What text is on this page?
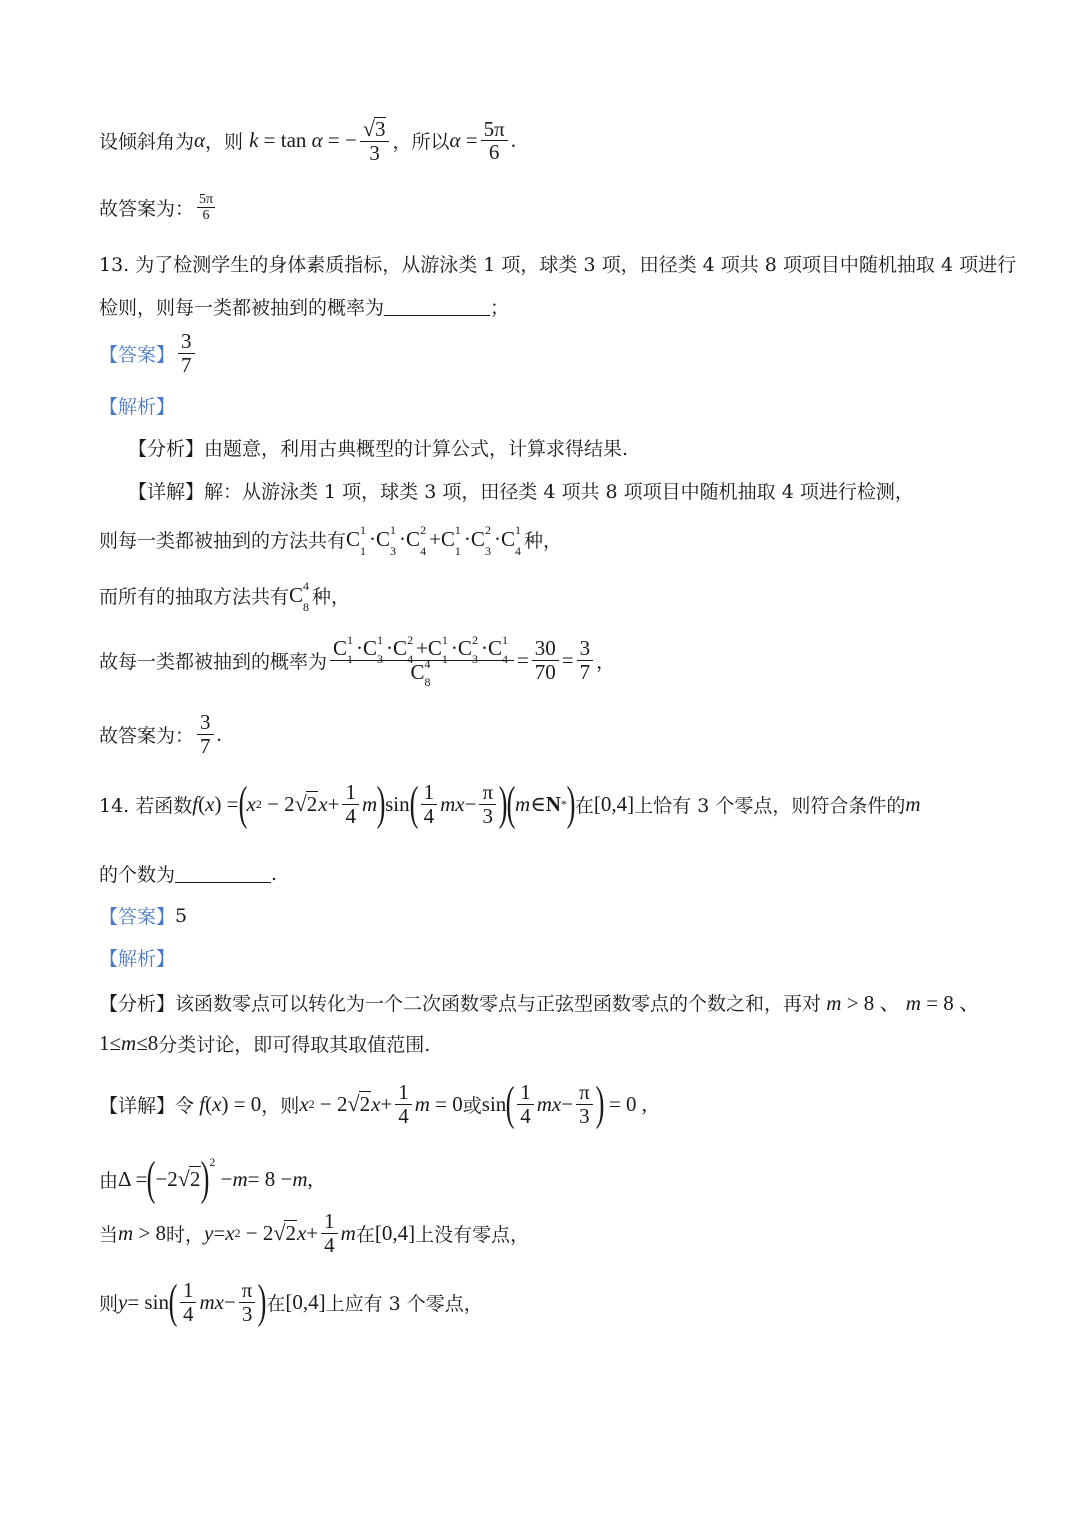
设倾斜角为 α ，则 k = tan α = − $\frac{√ 3}{3}$ ，所以 $\alpha = \frac{5\pi}{6}$ .
故答案为： $\frac{5\pi}{6}$
13. 为了检测学生的身体素质指标，从游泳类 1 项，球类 3 项，田径类 4 项共 8 项项目中随机抽取 4 项进行
检则，则每一类都被抽到的概率为	；
【答案】 $\frac{3}{7}$
【解析】
【分析】 由题意，利用古典概型的计算公式，计算求得结果.
【详解】 解：从游泳类 1 项，球类 3 项，田径类 4 项共 8 项项目中随机抽取 4 项进行检测，
则每一类都被抽到的方法共有 C 1
1 ·C 1
3 ·C 2
4 +C 1
1 ·C 2
3 ·C 1
4 种，
而所有的抽取方法共有 C 4
8 种，
故每一类都被抽到的概率为 C 1
1 ·C 1
3 ·C 2
4 +C 1
1 ·C 2
3 ·C 1
4
C 4
$8 = \frac{30}{70} = \frac{3}{7}$ ，
故答案为： $\frac{3}{7}$ .
14. 若函数 f ( x ) = ( x 2 − 2 √ 2 $x + \frac{1}{4}$ m ) sin ( $\frac{1}{4}$ mx − $\frac{\pi}{3}$ ) ( m ∈ N * ) 在 [0,4] 上恰有 3 个零点，则符合条件的 m
的个数为	.
【答案】 5
【解析】
【分析】 该函数零点可以转化为一个二次函数零点与正弦型函数零点的个数之和，再对 m > 8 、 m = 8 、
1≤m≤8 分类讨论，即可得取其取值范围.
【详解】 令 f(x) = 0 ，则 x 2 − 2 √ 2 $x + \frac{1}{4}$ m = 0 或 sin ( $\frac{1}{4}$ mx − $\frac{\pi}{3}$ ) = 0 ,
由 Δ = ( −2 √ 2 )$^2$
− m = 8 − m ,
当 m > 8 时， y = x 2 − 2 √ 2 $x + \frac{1}{4}$ m 在 [0,4] 上没有零点，
则 y = sin ( $\frac{1}{4}$ mx − $\frac{\pi}{3}$ ) 在 [0,4] 上应有 3 个零点，
